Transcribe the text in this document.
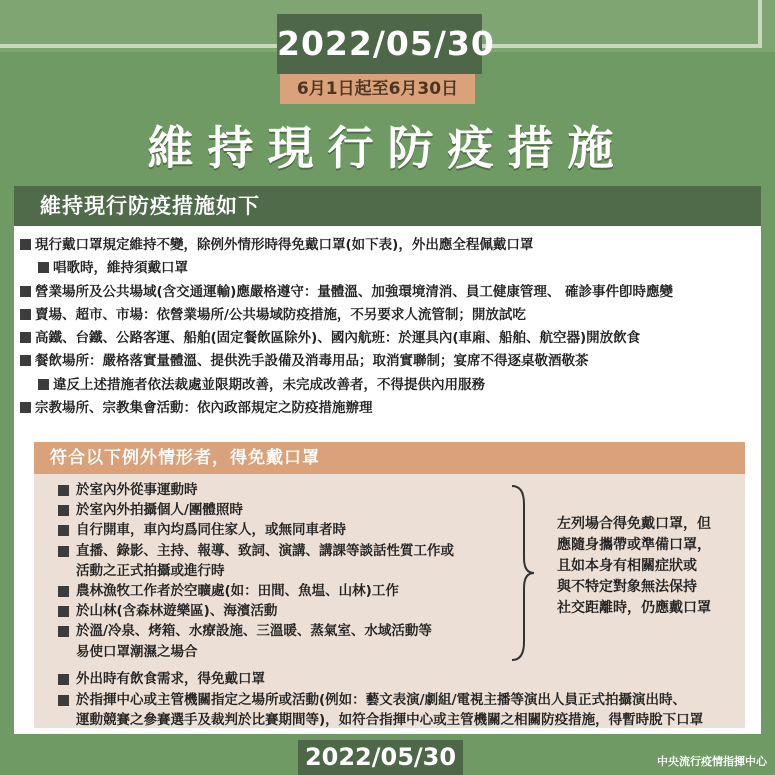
2022/05/30
6月1日起至6月30日
維持現行防疫措施
維持現行防疫措施如下
現行戴口罩規定維持不變，除例外情形時得免戴口罩(如下表)，外出應全程佩戴口罩
唱歌時，維持須戴口罩
營業場所及公共場域(含交通運輸)應嚴格遵守：量體溫、加強環境清消、員工健康管理、 確診事件卽時應變
賣場、超市、市場：依營業場所/公共場域防疫措施，不另要求人流管制；開放試吃
高鐵、台鐵、公路客運、船舶(固定餐飲區除外)、國內航班：於運具內(車廂、船舶、航空器)開放飲食
餐飲場所：嚴格落實量體溫、提供洗手設備及消毒用品；取消實聯制；宴席不得逐桌敬酒敬茶
違反上述措施者依法裁處並限期改善，未完成改善者，不得提供內用服務
宗教場所、宗教集會活動：依內政部規定之防疫措施辦理
符合以下例外情形者，得免戴口罩
於室內外從事運動時
於室內外拍攝個人/團體照時
自行開車，車內均爲同住家人，或無同車者時
直播、錄影、主持、報導、致詞、演講、講課等談話性質工作或
活動之正式拍攝或進行時
農林漁牧工作者於空曠處(如：田間、魚塭、山林)工作
於山林(含森林遊樂區)、海濱活動
於溫/冷泉、烤箱、水療設施、三溫暖、蒸氣室、水域活動等
易使口罩潮濕之場合
左列場合得免戴口罩，但
應隨身攜帶或準備口罩，
且如本身有相關症狀或
與不特定對象無法保持
社交距離時，仍應戴口罩
外出時有飲食需求，得免戴口罩
於指揮中心或主管機關指定之場所或活動(例如：藝文表演/劇組/電視主播等演出人員正式拍攝演出時、
運動競賽之參賽選手及裁判於比賽期間等)，如符合指揮中心或主管機關之相關防疫措施，得暫時脫下口罩
2022/05/30	中央流行疫情指揮中心
